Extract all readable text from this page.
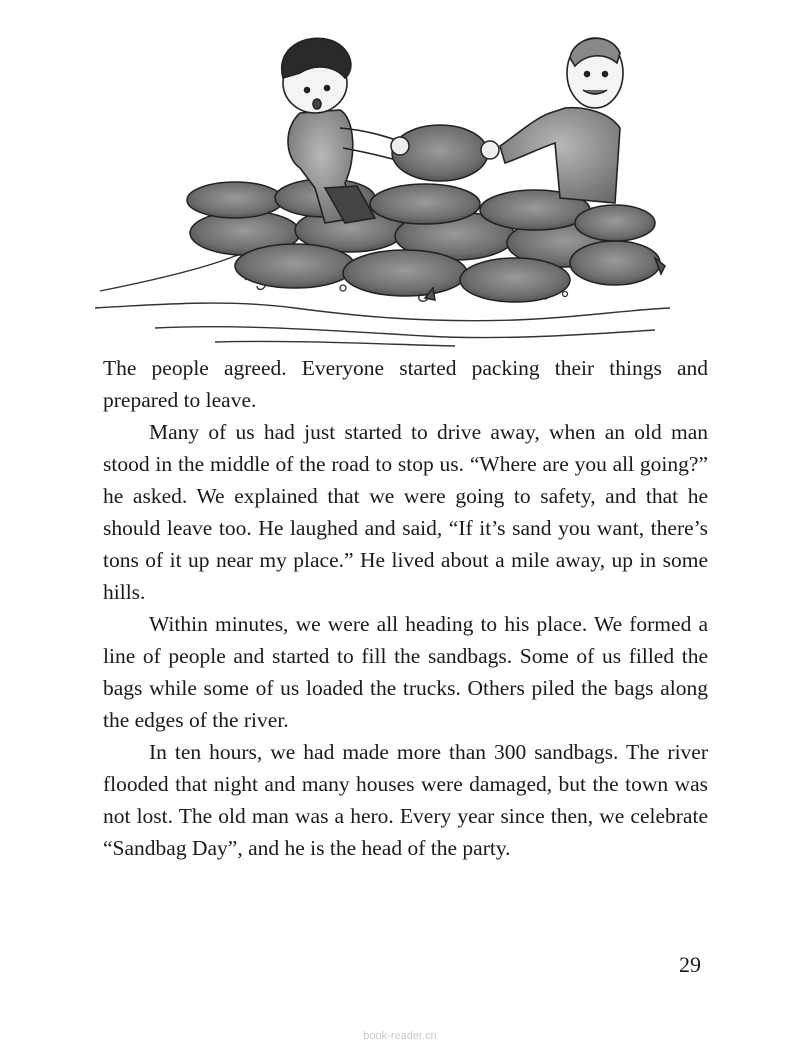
The people agreed. Everyone started packing their things and prepared to leave.

Many of us had just started to drive away, when an old man stood in the middle of the road to stop us. “Where are you all going?” he asked. We explained that we were going to safety, and that he should leave too. He laughed and said, “If it’s sand you want, there’s tons of it up near my place.” He lived about a mile away, up in some hills.

Within minutes, we were all heading to his place. We formed a line of people and started to fill the sandbags. Some of us filled the bags while some of us loaded the trucks. Others piled the bags along the edges of the river.

In ten hours, we had made more than 300 sandbags. The river flooded that night and many houses were damaged, but the town was not lost. The old man was a hero. Every year since then, we celebrate “Sandbag Day”, and he is the head of the party.

29
book-reader.cn
